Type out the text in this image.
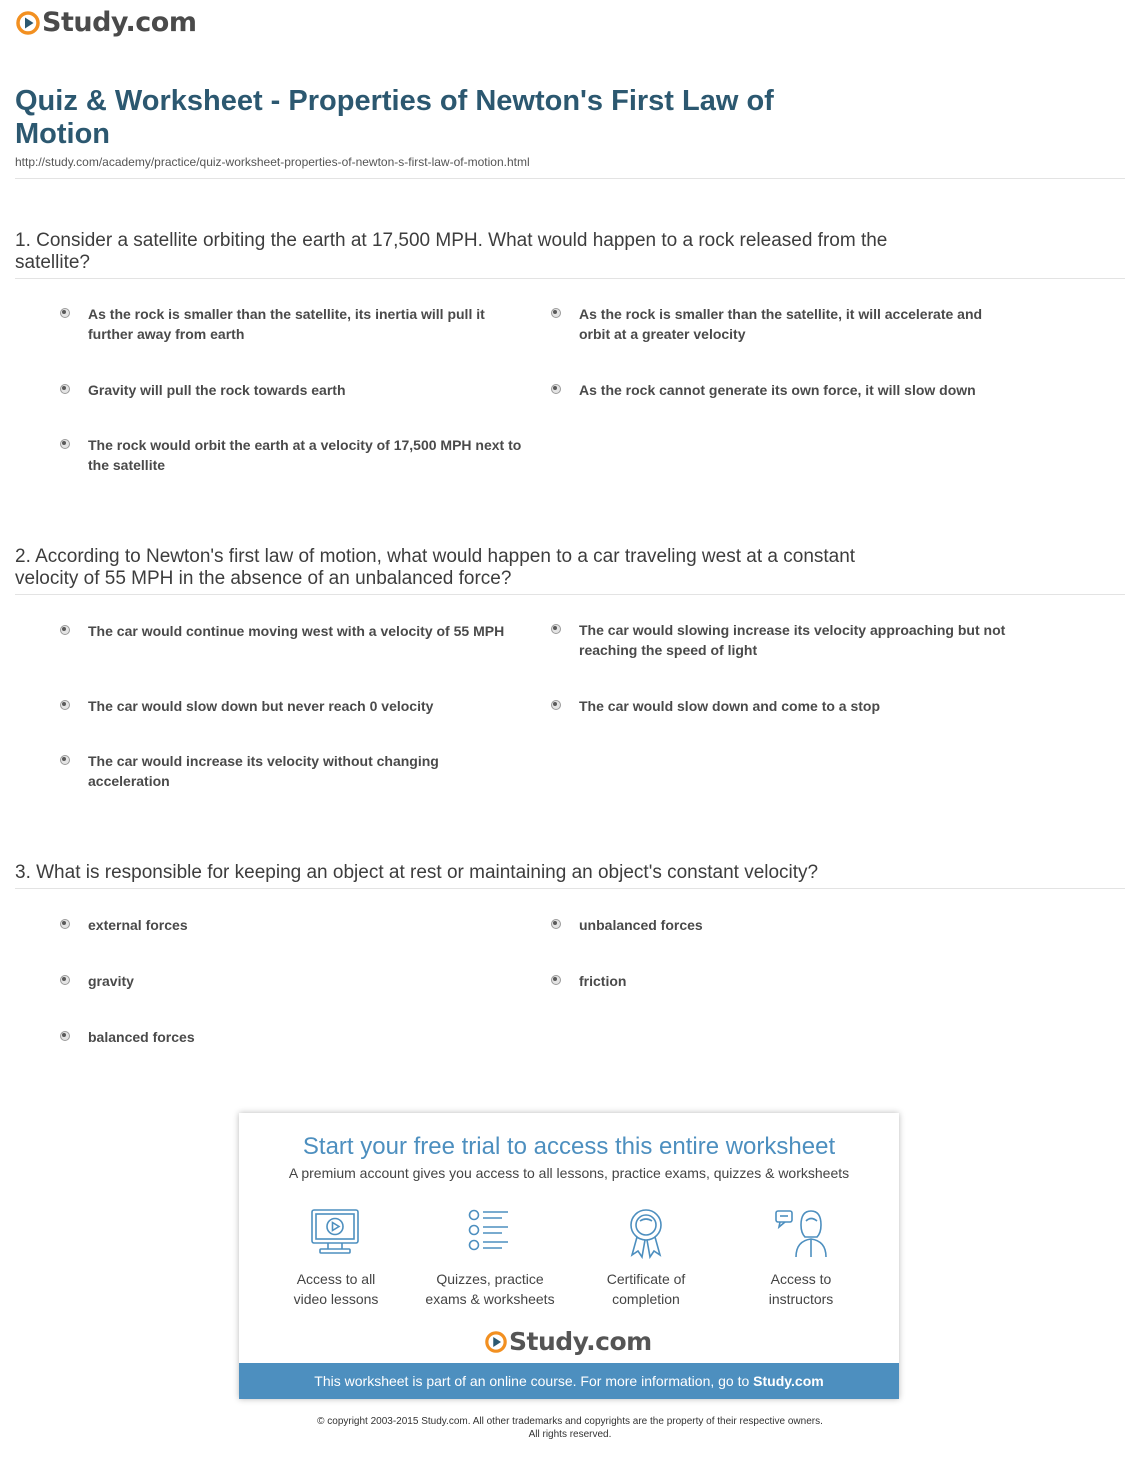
Study.com
Quiz & Worksheet - Properties of Newton's First Law of Motion
http://study.com/academy/practice/quiz-worksheet-properties-of-newton-s-first-law-of-motion.html
1. Consider a satellite orbiting the earth at 17,500 MPH. What would happen to a rock released from the satellite?
As the rock is smaller than the satellite, its inertia will pull it further away from earth
As the rock is smaller than the satellite, it will accelerate and orbit at a greater velocity
Gravity will pull the rock towards earth	As the rock cannot generate its own force, it will slow down
The rock would orbit the earth at a velocity of 17,500 MPH next to the satellite
2. According to Newton's first law of motion, what would happen to a car traveling west at a constant velocity of 55 MPH in the absence of an unbalanced force?
The car would continue moving west with a velocity of 55 MPH	The car would slowing increase its velocity approaching but not reaching the speed of light
The car would slow down but never reach 0 velocity	The car would slow down and come to a stop
The car would increase its velocity without changing acceleration
3. What is responsible for keeping an object at rest or maintaining an object's constant velocity?
external forces	unbalanced forces
gravity	friction
balanced forces
Start your free trial to access this entire worksheet
A premium account gives you access to all lessons, practice exams, quizzes & worksheets
Access to all
video lessons
Quizzes, practice
exams & worksheets
Certificate of
completion
Access to
instructors
Study.com
This worksheet is part of an online course. For more information, go to Study.com
© copyright 2003-2015 Study.com. All other trademarks and copyrights are the property of their respective owners.
All rights reserved.
